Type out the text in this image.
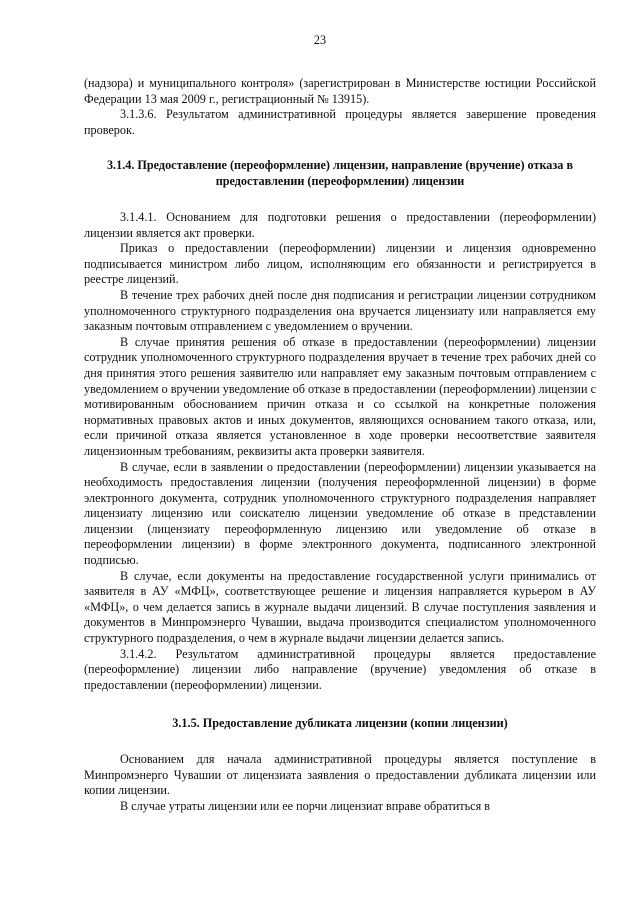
23

(надзора) и муниципального контроля» (зарегистрирован в Министерстве юстиции Российской Федерации 13 мая 2009 г., регистрационный № 13915).

3.1.3.6. Результатом административной процедуры является завершение проведения проверок.

3.1.4. Предоставление (переоформление) лицензии, направление (вручение) отказа в предоставлении (переоформлении) лицензии

3.1.4.1. Основанием для подготовки решения о предоставлении (переоформлении) лицензии является акт проверки.

Приказ о предоставлении (переоформлении) лицензии и лицензия одновременно подписывается министром либо лицом, исполняющим его обязанности и регистрируется в реестре лицензий.

В течение трех рабочих дней после дня подписания и регистрации лицензии сотрудником уполномоченного структурного подразделения она вручается лицензиату или направляется ему заказным почтовым отправлением с уведомлением о вручении.

В случае принятия решения об отказе в предоставлении (переоформлении) лицензии сотрудник уполномоченного структурного подразделения вручает в течение трех рабочих дней со дня принятия этого решения заявителю или направляет ему заказным почтовым отправлением с уведомлением о вручении уведомление об отказе в предоставлении (переоформлении) лицензии с мотивированным обоснованием причин отказа и со ссылкой на конкретные положения нормативных правовых актов и иных документов, являющихся основанием такого отказа, или, если причиной отказа является установленное в ходе проверки несоответствие заявителя лицензионным требованиям, реквизиты акта проверки заявителя.

В случае, если в заявлении о предоставлении (переоформлении) лицензии указывается на необходимость предоставления лицензии (получения переоформленной лицензии) в форме электронного документа, сотрудник уполномоченного структурного подразделения направляет лицензиату лицензию или соискателю лицензии уведомление об отказе в представлении лицензии (лицензиату переоформленную лицензию или уведомление об отказе в переоформлении лицензии) в форме электронного документа, подписанного электронной подписью.

В случае, если документы на предоставление государственной услуги принимались от заявителя в АУ «МФЦ», соответствующее решение и лицензия направляется курьером в АУ «МФЦ», о чем делается запись в журнале выдачи лицензий. В случае поступления заявления и документов в Минпромэнерго Чувашии, выдача производится специалистом уполномоченного структурного подразделения, о чем в журнале выдачи лицензии делается запись.

3.1.4.2. Результатом административной процедуры является предоставление (переоформление) лицензии либо направление (вручение) уведомления об отказе в предоставлении (переоформлении) лицензии.

3.1.5. Предоставление дубликата лицензии (копии лицензии)

Основанием для начала административной процедуры является поступление в Минпромэнерго Чувашии от лицензиата заявления о предоставлении дубликата лицензии или копии лицензии.

В случае утраты лицензии или ее порчи лицензиат вправе обратиться в
